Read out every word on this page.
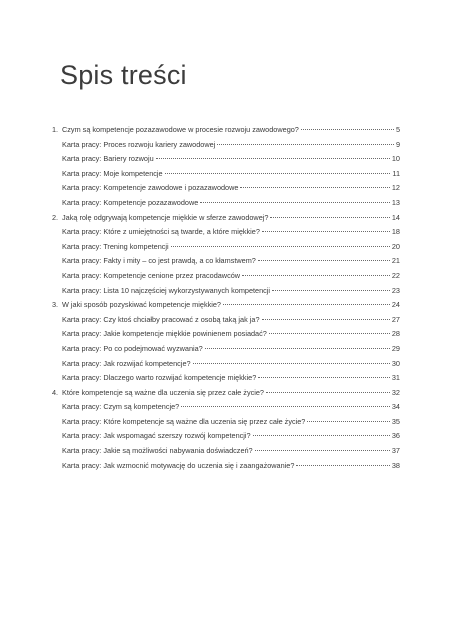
Spis treści
1. Czym są kompetencje pozazawodowe w procesie rozwoju zawodowego?	5
Karta pracy: Proces rozwoju kariery zawodowej	9
Karta pracy: Bariery rozwoju	10
Karta pracy: Moje kompetencje	11
Karta pracy: Kompetencje zawodowe i pozazawodowe	12
Karta pracy: Kompetencje pozazawodowe	13
2. Jaką rolę odgrywają kompetencje miękkie w sferze zawodowej?	14
Karta pracy: Które z umiejętności są twarde, a które miękkie?	18
Karta pracy: Trening kompetencji	20
Karta pracy: Fakty i mity – co jest prawdą, a co kłamstwem?	21
Karta pracy: Kompetencje cenione przez pracodawców	22
Karta pracy: Lista 10 najczęściej wykorzystywanych kompetencji	23
3. W jaki sposób pozyskiwać kompetencje miękkie?	24
Karta pracy: Czy ktoś chciałby pracować z osobą taką jak ja?	27
Karta pracy: Jakie kompetencje miękkie powinienem posiadać?	28
Karta pracy: Po co podejmować wyzwania?	29
Karta pracy: Jak rozwijać kompetencje?	30
Karta pracy: Dlaczego warto rozwijać kompetencje miękkie?	31
4. Które kompetencje są ważne dla uczenia się przez całe życie?	32
Karta pracy: Czym są kompetencje?	34
Karta pracy: Które kompetencje są ważne dla uczenia się przez całe życie?	35
Karta pracy: Jak wspomagać szerszy rozwój kompetencji?	36
Karta pracy: Jakie są możliwości nabywania doświadczeń?	37
Karta pracy: Jak wzmocnić motywację do uczenia się i zaangażowanie?	38
